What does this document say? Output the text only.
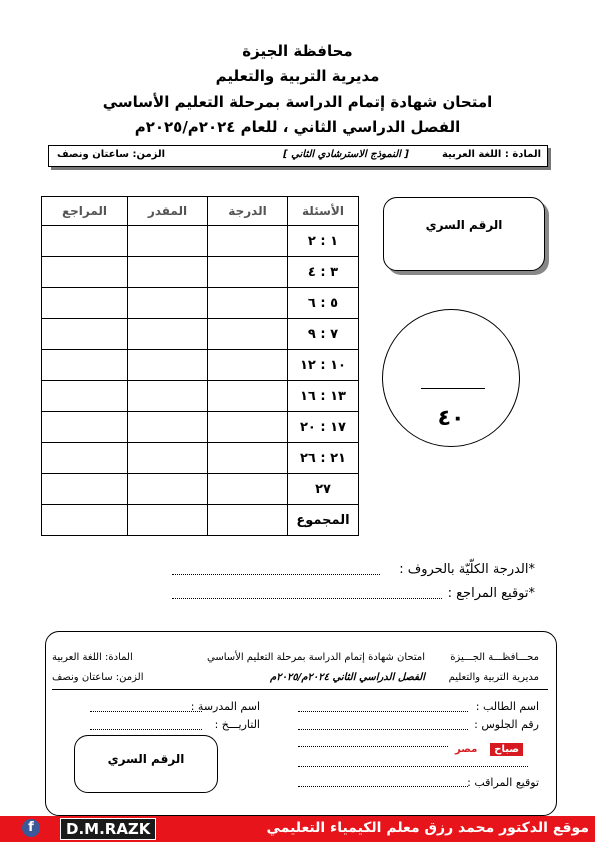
محافظة الجيزة
مديرية التربية والتعليم
امتحان شهادة إتمام الدراسة بمرحلة التعليم الأساسي
الفصل الدراسي الثاني ، للعام ٢٠٢٤م/٢٠٢٥م
المادة : اللغة العربية
[ النموذج الاسترشادي الثاني ]
الزمن: ساعتان ونصف
الأسئلة	الدرجة	المقدر	المراجع
١ : ٢			
٣ : ٤			
٥ : ٦			
٧ : ٩			
١٠ : ١٢			
١٣ : ١٦			
١٧ : ٢٠			
٢١ : ٢٦			
٢٧			
المجموع			
الرقم السري
٤٠
*الدرجة الكلّيّة بالحروف :
*توقيع المراجع :
محـــافظـــة الجـــيزة
امتحان شهادة إتمام الدراسة بمرحلة التعليم الأساسي
المادة: اللغة العربية
مديرية التربية والتعليم
الفصل الدراسي الثاني ٢٠٢٤م/٢٠٢٥م
الزمن: ساعتان ونصف
اسم الطالب :
اسم المدرسة :
رقم الجلوس :
التاريـــخ :
صباح
مصر
توقيع المراقب :
الرقم السري
موقع الدكتور محمد رزق معلم الكيمياء التعليمي
D.M.RAZK
f
